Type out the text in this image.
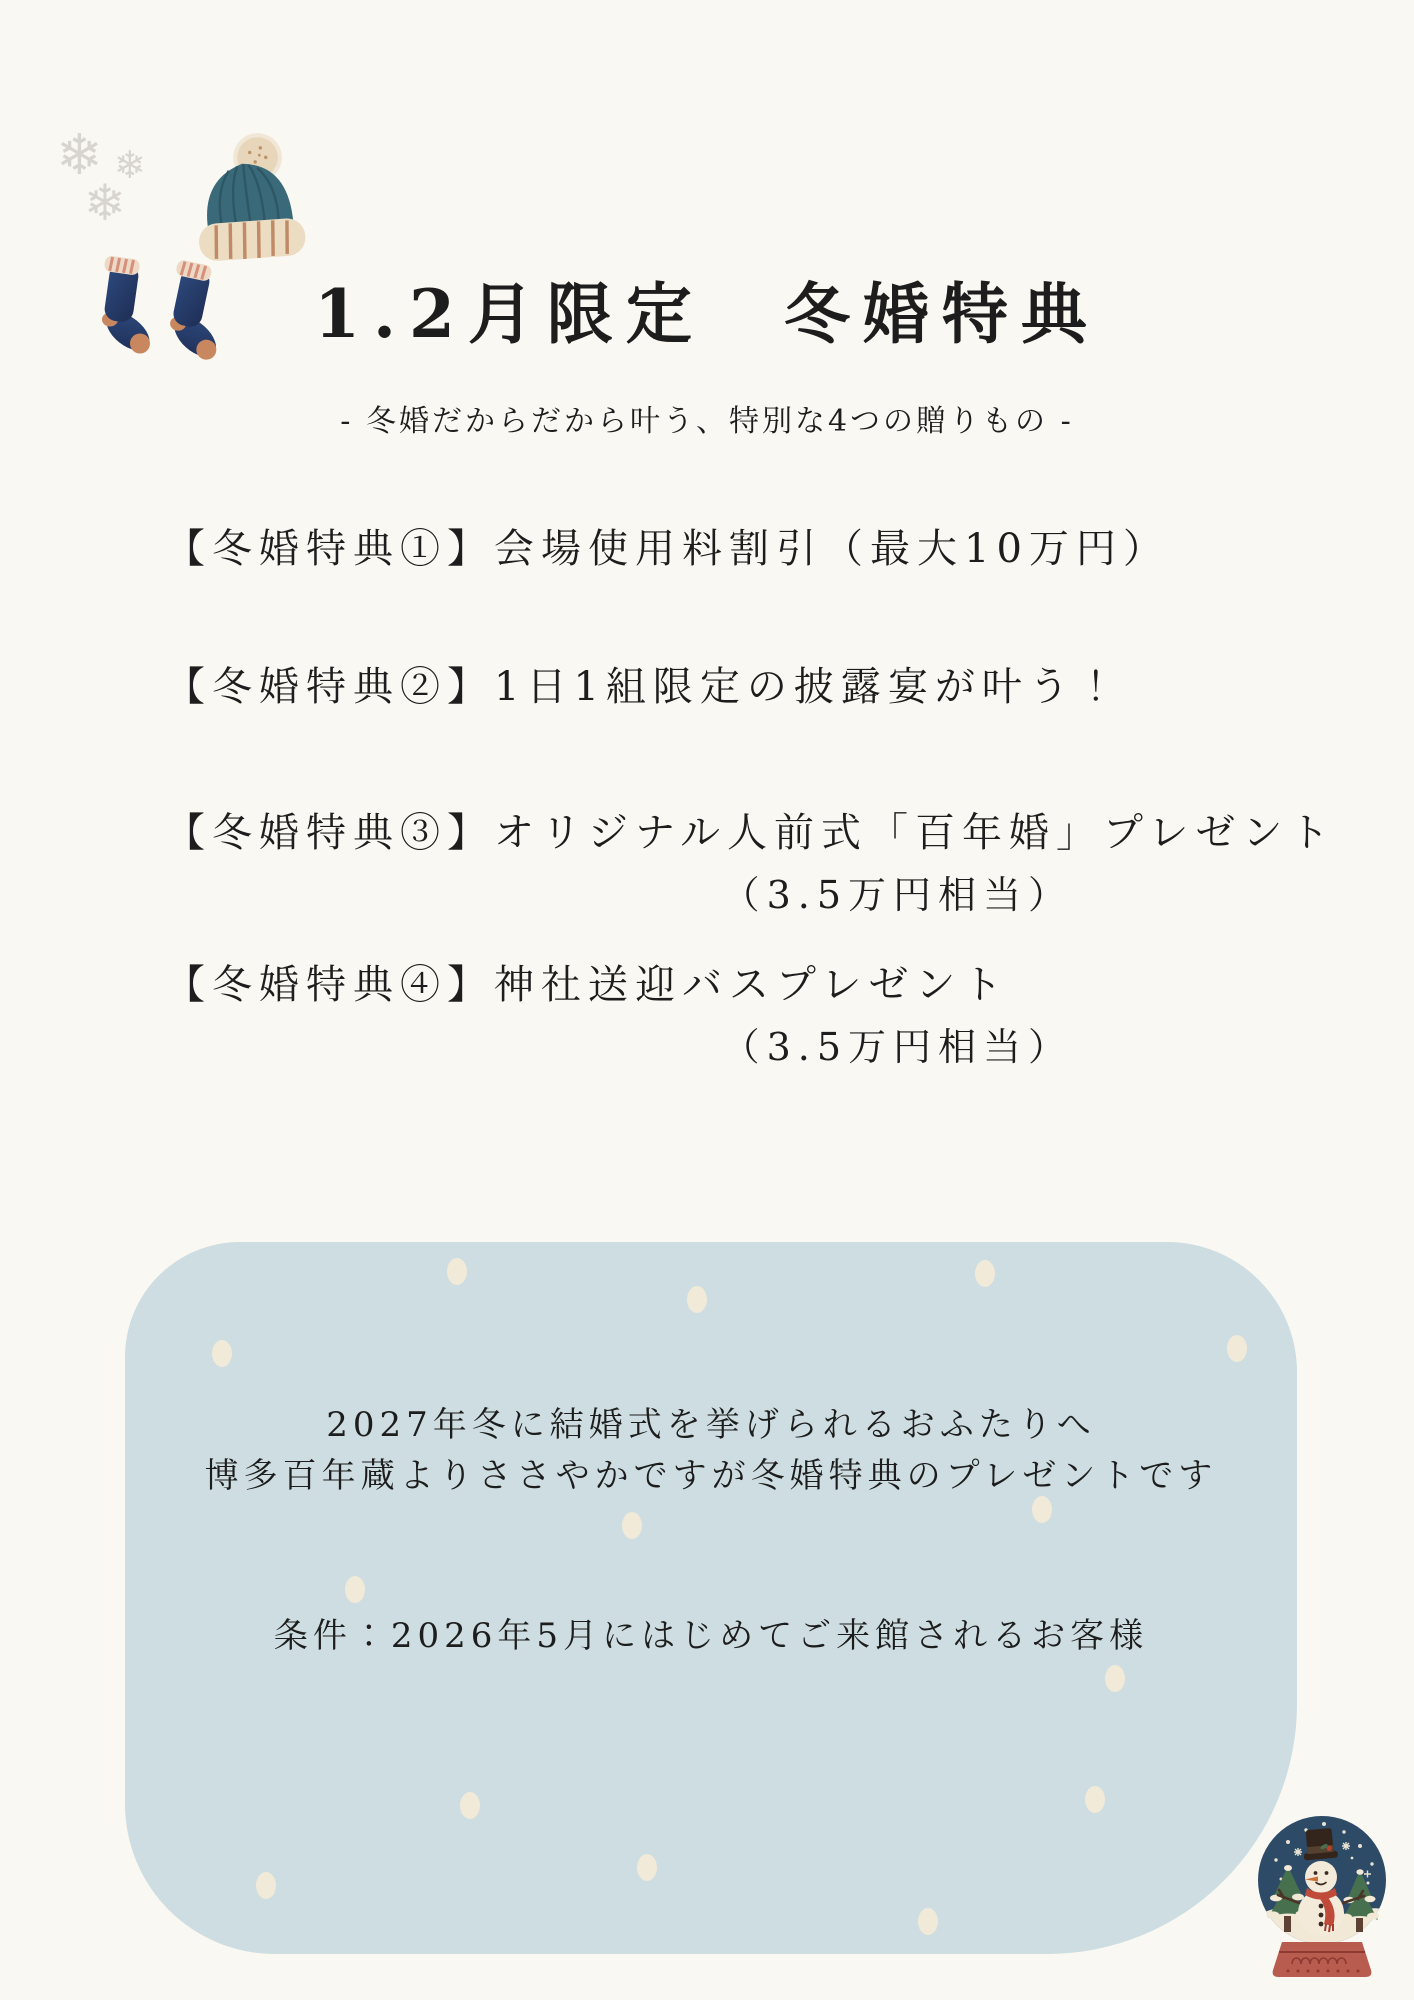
❄ ❄
❄
1.2月限定　冬婚特典

- 冬婚だからだから叶う、特別な4つの贈りもの -

【冬婚特典①】会場使用料割引（最大10万円）
【冬婚特典②】1日1組限定の披露宴が叶う！
【冬婚特典③】オリジナル人前式「百年婚」プレゼント
（3.5万円相当）
【冬婚特典④】神社送迎バスプレゼント
（3.5万円相当）
2027年冬に結婚式を挙げられるおふたりへ
博多百年蔵よりささやかですが冬婚特典のプレゼントです
条件：2026年5月にはじめてご来館されるお客様
